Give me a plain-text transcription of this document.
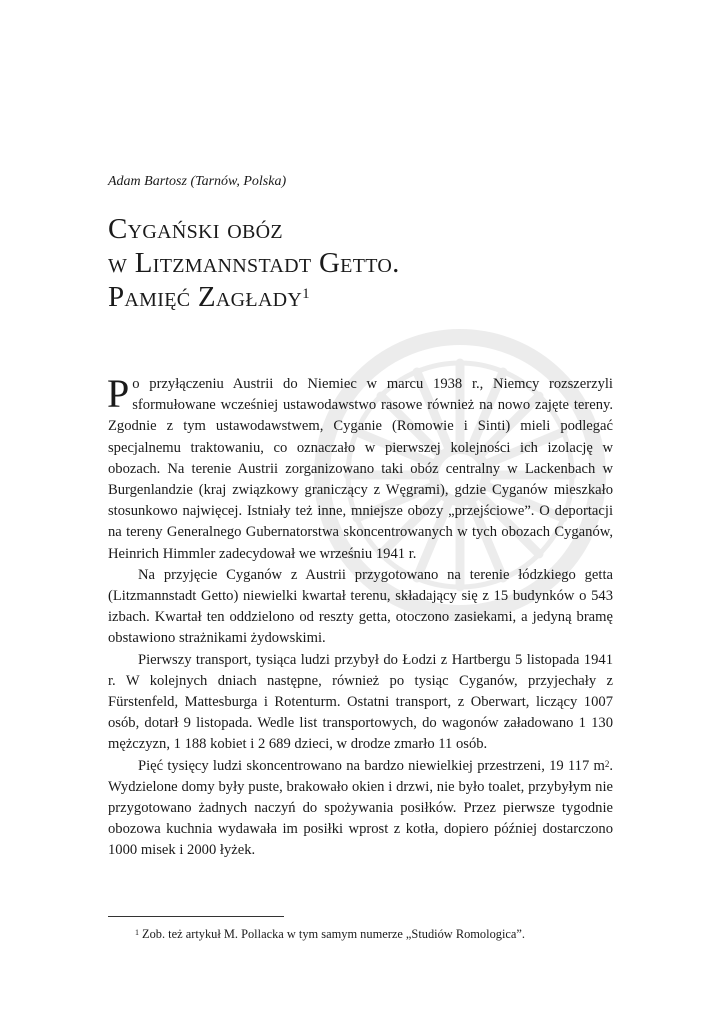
Adam Bartosz (Tarnów, Polska)
Cygański obóz
w Litzmannstadt Getto.
Pamięć Zagłady$^1$

Po przyłączeniu Austrii do Niemiec w marcu 1938 r., Niemcy rozszerzyli sformułowane wcześniej ustawodawstwo rasowe również na nowo zajęte tereny. Zgodnie z tym ustawodawstwem, Cyganie (Romowie i Sinti) mieli podlegać specjalnemu traktowaniu, co oznaczało w pierwszej kolejności ich izolację w obozach. Na terenie Austrii zorganizowano taki obóz centralny w Lackenbach w Burgenlandzie (kraj związkowy graniczący z Węgrami), gdzie Cyganów mieszkało stosunkowo najwięcej. Istniały też inne, mniejsze obozy „przejściowe”. O deportacji na tereny Generalnego Gubernatorstwa skoncentrowanych w tych obozach Cyganów, Heinrich Himmler zadecydował we wrześniu 1941 r.

Na przyjęcie Cyganów z Austrii przygotowano na terenie łódzkiego getta (Litzmannstadt Getto) niewielki kwartał terenu, składający się z 15 budynków o 543 izbach. Kwartał ten oddzielono od reszty getta, otoczono zasiekami, a jedyną bramę obstawiono strażnikami żydowskimi.

Pierwszy transport, tysiąca ludzi przybył do Łodzi z Hartbergu 5 listopada 1941 r. W kolejnych dniach następne, również po tysiąc Cyganów, przyjechały z Fürstenfeld, Mattesburga i Rotenturm. Ostatni transport, z Oberwart, liczący 1007 osób, dotarł 9 listopada. Wedle list transportowych, do wagonów załadowano 1 130 mężczyzn, 1 188 kobiet i 2 689 dzieci, w drodze zmarło 11 osób.

Pięć tysięcy ludzi skoncentrowano na bardzo niewielkiej przestrzeni, 19 117 $m^2$. Wydzielone domy były puste, brakowało okien i drzwi, nie było toalet, przybyłym nie przygotowano żadnych naczyń do spożywania posiłków. Przez pierwsze tygodnie obozowa kuchnia wydawała im posiłki wprost z kotła, dopiero później dostarczono 1000 misek i 2000 łyżek.

$^1$ Zob. też artykuł M. Pollacka w tym samym numerze „Studiów Romologica”.
